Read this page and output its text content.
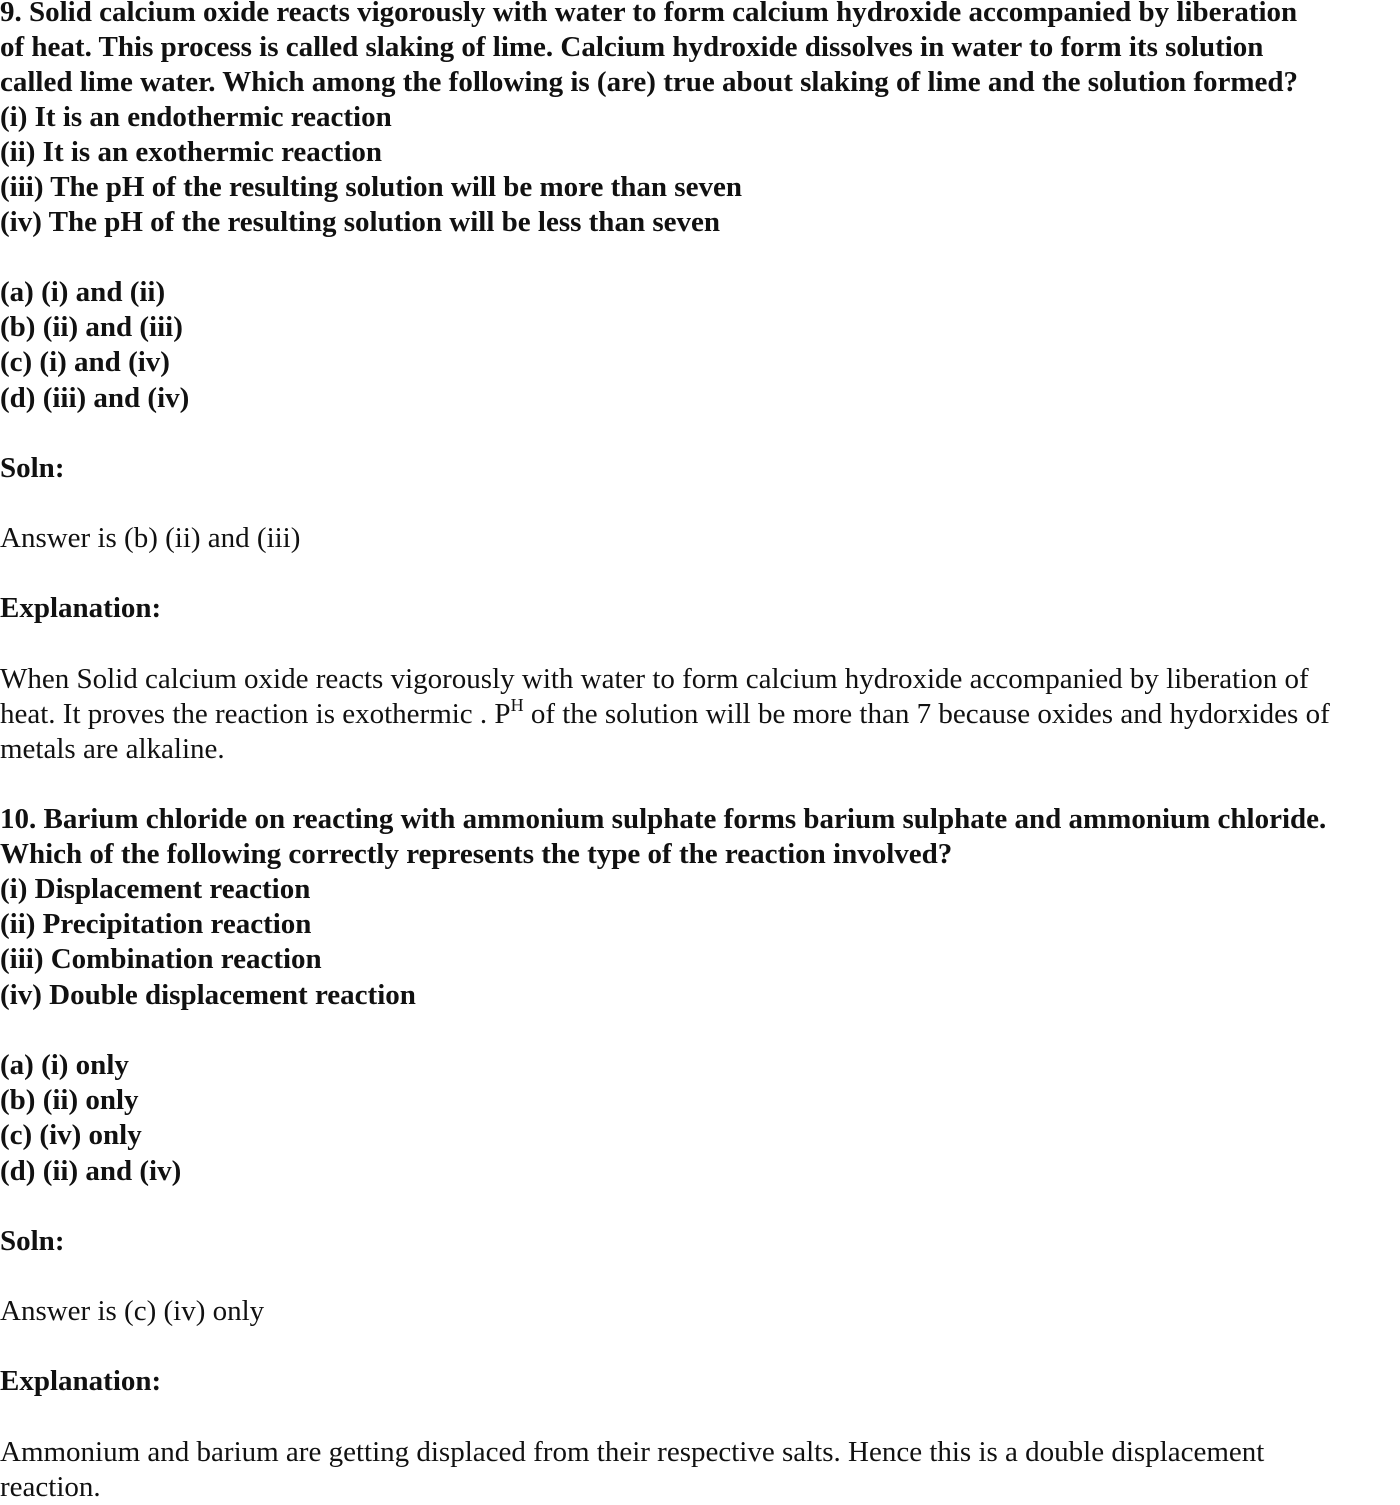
9. Solid calcium oxide reacts vigorously with water to form calcium hydroxide accompanied by liberation
of heat. This process is called slaking of lime. Calcium hydroxide dissolves in water to form its solution
called lime water. Which among the following is (are) true about slaking of lime and the solution formed?
(i) It is an endothermic reaction
(ii) It is an exothermic reaction
(iii) The pH of the resulting solution will be more than seven
(iv) The pH of the resulting solution will be less than seven
(a) (i) and (ii)
(b) (ii) and (iii)
(c) (i) and (iv)
(d) (iii) and (iv)
Soln:
Answer is (b) (ii) and (iii)
Explanation:
When Solid calcium oxide reacts vigorously with water to form calcium hydroxide accompanied by liberation of
heat. It proves the reaction is exothermic . $P^H$ of the solution will be more than 7 because oxides and hydorxides of
metals are alkaline.
10. Barium chloride on reacting with ammonium sulphate forms barium sulphate and ammonium chloride.
Which of the following correctly represents the type of the reaction involved?
(i) Displacement reaction
(ii) Precipitation reaction
(iii) Combination reaction
(iv) Double displacement reaction
(a) (i) only
(b) (ii) only
(c) (iv) only
(d) (ii) and (iv)
Soln:
Answer is (c) (iv) only
Explanation:
Ammonium and barium are getting displaced from their respective salts. Hence this is a double displacement
reaction.
